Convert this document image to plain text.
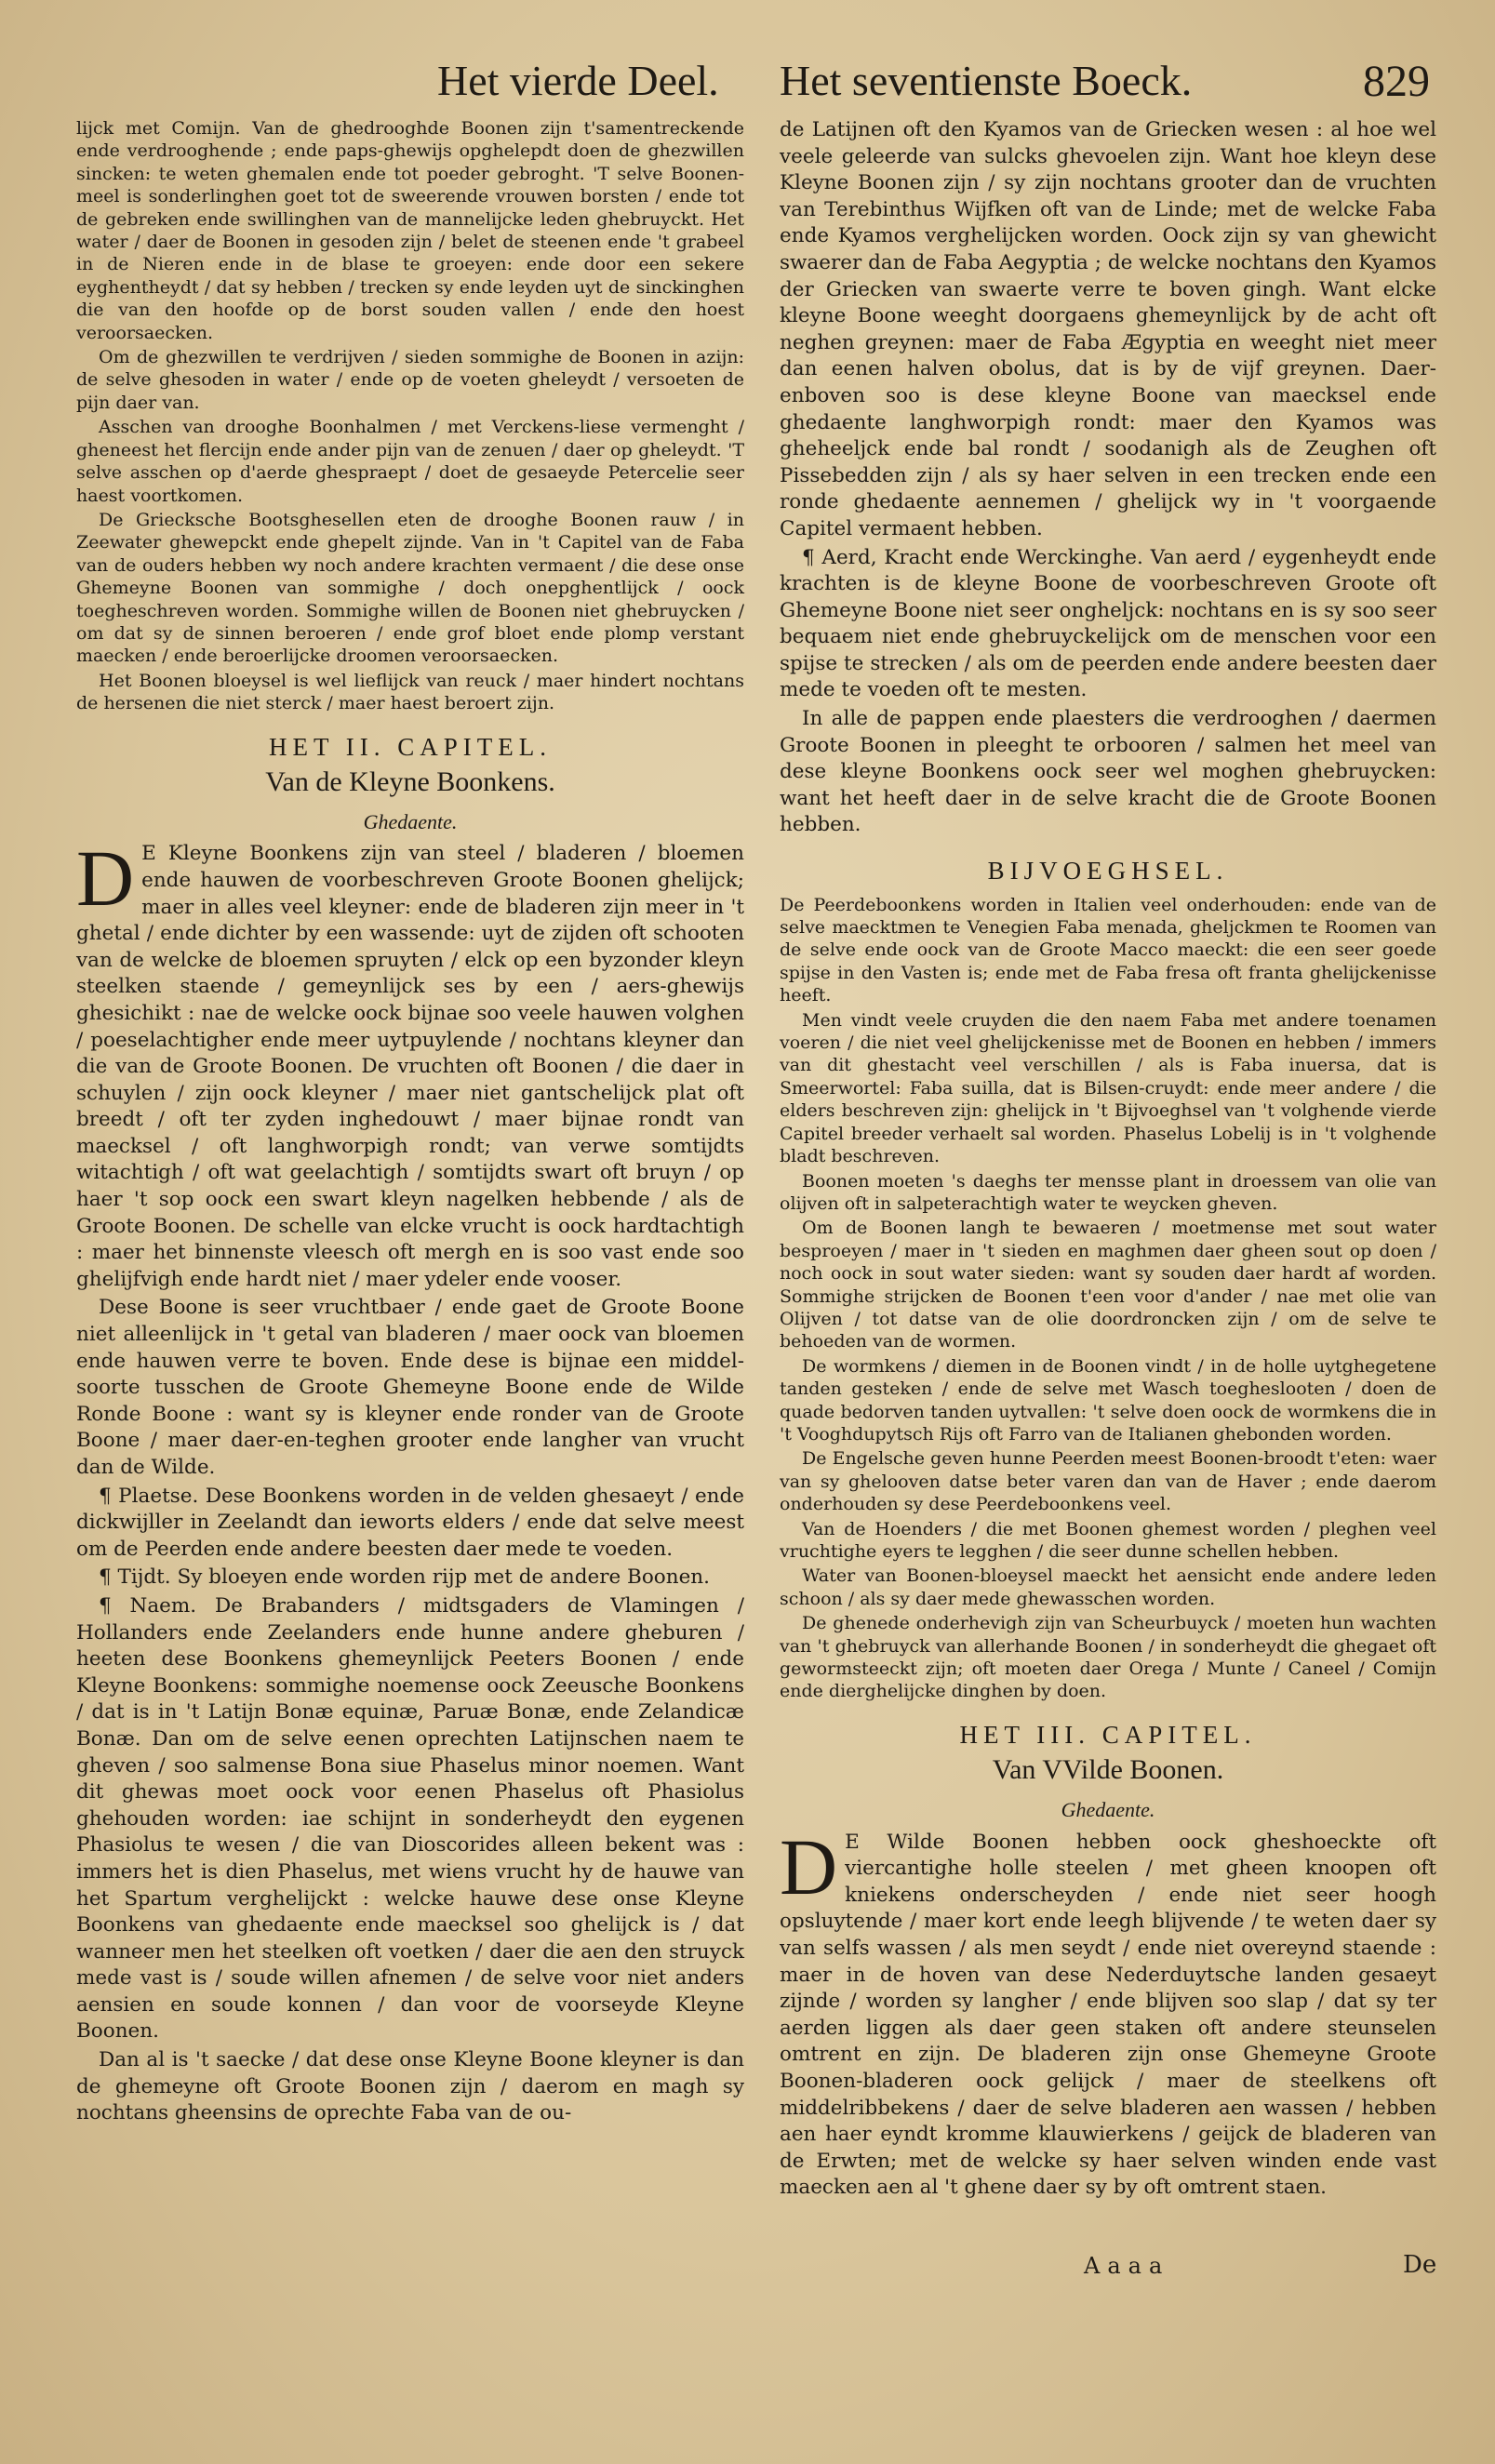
Het vierde Deel. Het seventienste Boeck.	829

lijck met Comijn. Van de ghedrooghde Boonen zijn t'samentreckende ende verdrooghende ; ende paps-ghewijs opghelepdt doen de ghezwillen sincken: te weten ghemalen ende tot poeder gebroght. 'T selve Boonen-meel is sonderlinghen goet tot de sweerende vrouwen borsten / ende tot de gebreken ende swillinghen van de mannelijcke leden ghebruyckt. Het water / daer de Boonen in gesoden zijn / belet de steenen ende 't grabeel in de Nieren ende in de blase te groeyen: ende door een sekere eyghentheydt / dat sy hebben / trecken sy ende leyden uyt de sinckinghen die van den hoofde op de borst souden vallen / ende den hoest veroorsaecken.

Om de ghezwillen te verdrijven / sieden sommighe de Boonen in azijn: de selve ghesoden in water / ende op de voeten gheleydt / versoeten de pijn daer van.

Asschen van drooghe Boonhalmen / met Verckens-liese vermenght / gheneest het flercijn ende ander pijn van de zenuen / daer op gheleydt. 'T selve asschen op d'aerde ghespraept / doet de gesaeyde Petercelie seer haest voortkomen.

De Griecksche Bootsghesellen eten de drooghe Boonen rauw / in Zeewater ghewepckt ende ghepelt zijnde. Van in 't Capitel van de Faba van de ouders hebben wy noch andere krachten vermaent / die dese onse Ghemeyne Boonen van sommighe / doch onepghentlijck / oock toegheschreven worden. Sommighe willen de Boonen niet ghebruycken / om dat sy de sinnen beroeren / ende grof bloet ende plomp verstant maecken / ende beroerlijcke droomen veroorsaecken.

Het Boonen bloeysel is wel lieflijck van reuck / maer hindert nochtans de hersenen die niet sterck / maer haest beroert zijn.

HET II. CAPITEL.
Van de Kleyne Boonkens.
Ghedaente.

D E Kleyne Boonkens zijn van steel / bladeren / bloemen ende hauwen de voorbeschreven Groote Boonen ghelijck; maer in alles veel kleyner: ende de bladeren zijn meer in 't ghetal / ende dichter by een wassende: uyt de zijden oft schooten van de welcke de bloemen spruyten / elck op een byzonder kleyn steelken staende / gemeynlijck ses by een / aers-ghewijs ghesichikt : nae de welcke oock bijnae soo veele hauwen volghen / poeselachtigher ende meer uytpuylende / nochtans kleyner dan die van de Groote Boonen. De vruchten oft Boonen / die daer in schuylen / zijn oock kleyner / maer niet gantschelijck plat oft breedt / oft ter zyden inghedouwt / maer bijnae rondt van maecksel / oft langhworpigh rondt; van verwe somtijdts witachtigh / oft wat geelachtigh / somtijdts swart oft bruyn / op haer 't sop oock een swart kleyn nagelken hebbende / als de Groote Boonen. De schelle van elcke vrucht is oock hardtachtigh : maer het binnenste vleesch oft mergh en is soo vast ende soo ghelijfvigh ende hardt niet / maer ydeler ende vooser.

Dese Boone is seer vruchtbaer / ende gaet de Groote Boone niet alleenlijck in 't getal van bladeren / maer oock van bloemen ende hauwen verre te boven. Ende dese is bijnae een middel-soorte tusschen de Groote Ghemeyne Boone ende de Wilde Ronde Boone : want sy is kleyner ende ronder van de Groote Boone / maer daer-en-teghen grooter ende langher van vrucht dan de Wilde.

¶ Plaetse. Dese Boonkens worden in de velden ghesaeyt / ende dickwijller in Zeelandt dan ieworts elders / ende dat selve meest om de Peerden ende andere beesten daer mede te voeden.

¶ Tijdt. Sy bloeyen ende worden rijp met de andere Boonen.

¶ Naem. De Brabanders / midtsgaders de Vlamingen / Hollanders ende Zeelanders ende hunne andere gheburen / heeten dese Boonkens ghemeynlijck Peeters Boonen / ende Kleyne Boonkens: sommighe noemense oock Zeeusche Boonkens / dat is in 't Latijn Bonæ equinæ, Paruæ Bonæ, ende Zelandicæ Bonæ. Dan om de selve eenen oprechten Latijnschen naem te gheven / soo salmense Bona siue Phaselus minor noemen. Want dit ghewas moet oock voor eenen Phaselus oft Phasiolus ghehouden worden: iae schijnt in sonderheydt den eygenen Phasiolus te wesen / die van Dioscorides alleen bekent was : immers het is dien Phaselus, met wiens vrucht hy de hauwe van het Spartum verghelijckt : welcke hauwe dese onse Kleyne Boonkens van ghedaente ende maecksel soo ghelijck is / dat wanneer men het steelken oft voetken / daer die aen den struyck mede vast is / soude willen afnemen / de selve voor niet anders aensien en soude konnen / dan voor de voorseyde Kleyne Boonen.

Dan al is 't saecke / dat dese onse Kleyne Boone kleyner is dan de ghemeyne oft Groote Boonen zijn / daerom en magh sy nochtans gheensins de oprechte Faba van de ou-

de Latijnen oft den Kyamos van de Griecken wesen : al hoe wel veele geleerde van sulcks ghevoelen zijn. Want hoe kleyn dese Kleyne Boonen zijn / sy zijn nochtans grooter dan de vruchten van Terebinthus Wijfken oft van de Linde; met de welcke Faba ende Kyamos verghelijcken worden. Oock zijn sy van ghewicht swaerer dan de Faba Aegyptia ; de welcke nochtans den Kyamos der Griecken van swaerte verre te boven gingh. Want elcke kleyne Boone weeght doorgaens ghemeynlijck by de acht oft neghen greynen: maer de Faba Ægyptia en weeght niet meer dan eenen halven obolus, dat is by de vijf greynen. Daer-enboven soo is dese kleyne Boone van maecksel ende ghedaente langhworpigh rondt: maer den Kyamos was gheheeljck ende bal rondt / soodanigh als de Zeughen oft Pissebedden zijn / als sy haer selven in een trecken ende een ronde ghedaente aennemen / ghelijck wy in 't voorgaende Capitel vermaent hebben.

¶ Aerd, Kracht ende Werckinghe. Van aerd / eygenheydt ende krachten is de kleyne Boone de voorbeschreven Groote oft Ghemeyne Boone niet seer ongheljck: nochtans en is sy soo seer bequaem niet ende ghebruyckelijck om de menschen voor een spijse te strecken / als om de peerden ende andere beesten daer mede te voeden oft te mesten.

In alle de pappen ende plaesters die verdrooghen / daermen Groote Boonen in pleeght te orbooren / salmen het meel van dese kleyne Boonkens oock seer wel moghen ghebruycken: want het heeft daer in de selve kracht die de Groote Boonen hebben.

BIJVOEGHSEL.

De Peerdeboonkens worden in Italien veel onderhouden: ende van de selve maecktmen te Venegien Faba menada, gheljckmen te Roomen van de selve ende oock van de Groote Macco maeckt: die een seer goede spijse in den Vasten is; ende met de Faba fresa oft franta ghelijckenisse heeft.

Men vindt veele cruyden die den naem Faba met andere toenamen voeren / die niet veel ghelijckenisse met de Boonen en hebben / immers van dit ghestacht veel verschillen / als is Faba inuersa, dat is Smeerwortel: Faba suilla, dat is Bilsen-cruydt: ende meer andere / die elders beschreven zijn: ghelijck in 't Bijvoeghsel van 't volghende vierde Capitel breeder verhaelt sal worden. Phaselus Lobelij is in 't volghende bladt beschreven.

Boonen moeten 's daeghs ter mensse plant in droessem van olie van olijven oft in salpeterachtigh water te weycken gheven.

Om de Boonen langh te bewaeren / moetmense met sout water besproeyen / maer in 't sieden en maghmen daer gheen sout op doen / noch oock in sout water sieden: want sy souden daer hardt af worden. Sommighe strijcken de Boonen t'een voor d'ander / nae met olie van Olijven / tot datse van de olie doordroncken zijn / om de selve te behoeden van de wormen.

De wormkens / diemen in de Boonen vindt / in de holle uytghegetene tanden gesteken / ende de selve met Wasch toegheslooten / doen de quade bedorven tanden uytvallen: 't selve doen oock de wormkens die in 't Vooghdupytsch Rijs oft Farro van de Italianen ghebonden worden.

De Engelsche geven hunne Peerden meest Boonen-broodt t'eten: waer van sy ghelooven datse beter varen dan van de Haver ; ende daerom onderhouden sy dese Peerdeboonkens veel.

Van de Hoenders / die met Boonen ghemest worden / pleghen veel vruchtighe eyers te legghen / die seer dunne schellen hebben.

Water van Boonen-bloeysel maeckt het aensicht ende andere leden schoon / als sy daer mede ghewasschen worden.

De ghenede onderhevigh zijn van Scheurbuyck / moeten hun wachten van 't ghebruyck van allerhande Boonen / in sonderheydt die ghegaet oft gewormsteeckt zijn; oft moeten daer Orega / Munte / Caneel / Comijn ende dierghelijcke dinghen by doen.

HET III. CAPITEL.
Van VVilde Boonen.
Ghedaente.

D E Wilde Boonen hebben oock gheshoeckte oft viercantighe holle steelen / met gheen knoopen oft kniekens onderscheyden / ende niet seer hoogh opsluytende / maer kort ende leegh blijvende / te weten daer sy van selfs wassen / als men seydt / ende niet overeynd staende : maer in de hoven van dese Nederduytsche landen gesaeyt zijnde / worden sy langher / ende blijven soo slap / dat sy ter aerden liggen als daer geen staken oft andere steunselen omtrent en zijn. De bladeren zijn onse Ghemeyne Groote Boonen-bladeren oock gelijck / maer de steelkens oft middelribbekens / daer de selve bladeren aen wassen / hebben aen haer eyndt kromme klauwierkens / geijck de bladeren van de Erwten; met de welcke sy haer selven winden ende vast maecken aen al 't ghene daer sy by oft omtrent staen.

Aaaa	De
